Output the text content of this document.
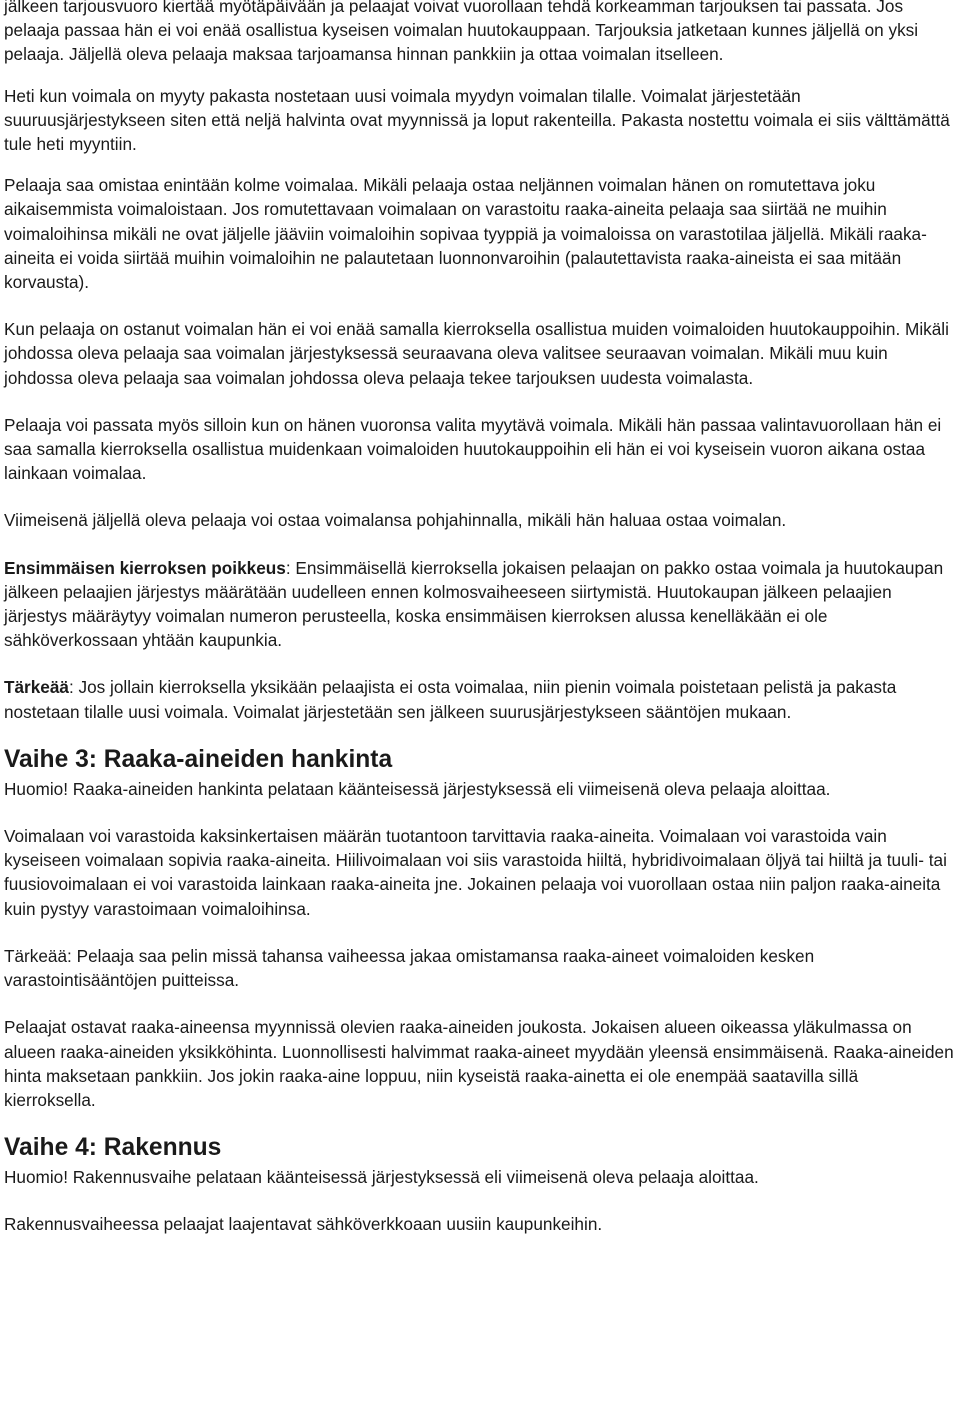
jälkeen tarjousvuoro kiertää myötäpäivään ja pelaajat voivat vuorollaan tehdä korkeamman tarjouksen tai passata. Jos pelaaja passaa hän ei voi enää osallistua kyseisen voimalan huutokauppaan. Tarjouksia jatketaan kunnes jäljellä on yksi pelaaja. Jäljellä oleva pelaaja maksaa tarjoamansa hinnan pankkiin ja ottaa voimalan itselleen.

Heti kun voimala on myyty pakasta nostetaan uusi voimala myydyn voimalan tilalle. Voimalat järjestetään suuruusjärjestykseen siten että neljä halvinta ovat myynnissä ja loput rakenteilla. Pakasta nostettu voimala ei siis välttämättä tule heti myyntiin.

Pelaaja saa omistaa enintään kolme voimalaa. Mikäli pelaaja ostaa neljännen voimalan hänen on romutettava joku aikaisemmista voimaloistaan. Jos romutettavaan voimalaan on varastoitu raaka-aineita pelaaja saa siirtää ne muihin voimaloihinsa mikäli ne ovat jäljelle jääviin voimaloihin sopivaa tyyppiä ja voimaloissa on varastotilaa jäljellä. Mikäli raaka-aineita ei voida siirtää muihin voimaloihin ne palautetaan luonnonvaroihin (palautettavista raaka-aineista ei saa mitään korvausta).

Kun pelaaja on ostanut voimalan hän ei voi enää samalla kierroksella osallistua muiden voimaloiden huutokauppoihin. Mikäli johdossa oleva pelaaja saa voimalan järjestyksessä seuraavana oleva valitsee seuraavan voimalan. Mikäli muu kuin johdossa oleva pelaaja saa voimalan johdossa oleva pelaaja tekee tarjouksen uudesta voimalasta.

Pelaaja voi passata myös silloin kun on hänen vuoronsa valita myytävä voimala. Mikäli hän passaa valintavuorollaan hän ei saa samalla kierroksella osallistua muidenkaan voimaloiden huutokauppoihin eli hän ei voi kyseisein vuoron aikana ostaa lainkaan voimalaa.

Viimeisenä jäljellä oleva pelaaja voi ostaa voimalansa pohjahinnalla, mikäli hän haluaa ostaa voimalan.

Ensimmäisen kierroksen poikkeus: Ensimmäisellä kierroksella jokaisen pelaajan on pakko ostaa voimala ja huutokaupan jälkeen pelaajien järjestys määrätään uudelleen ennen kolmosvaiheeseen siirtymistä. Huutokaupan jälkeen pelaajien järjestys määräytyy voimalan numeron perusteella, koska ensimmäisen kierroksen alussa kenelläkään ei ole sähköverkossaan yhtään kaupunkia.

Tärkeää: Jos jollain kierroksella yksikään pelaajista ei osta voimalaa, niin pienin voimala poistetaan pelistä ja pakasta nostetaan tilalle uusi voimala. Voimalat järjestetään sen jälkeen suurusjärjestykseen sääntöjen mukaan.

Vaihe 3: Raaka-aineiden hankinta

Huomio! Raaka-aineiden hankinta pelataan käänteisessä järjestyksessä eli viimeisenä oleva pelaaja aloittaa.

Voimalaan voi varastoida kaksinkertaisen määrän tuotantoon tarvittavia raaka-aineita. Voimalaan voi varastoida vain kyseiseen voimalaan sopivia raaka-aineita. Hiilivoimalaan voi siis varastoida hiiltä, hybridivoimalaan öljyä tai hiiltä ja tuuli- tai fuusiovoimalaan ei voi varastoida lainkaan raaka-aineita jne. Jokainen pelaaja voi vuorollaan ostaa niin paljon raaka-aineita kuin pystyy varastoimaan voimaloihinsa.

Tärkeää: Pelaaja saa pelin missä tahansa vaiheessa jakaa omistamansa raaka-aineet voimaloiden kesken varastointisääntöjen puitteissa.

Pelaajat ostavat raaka-aineensa myynnissä olevien raaka-aineiden joukosta. Jokaisen alueen oikeassa yläkulmassa on alueen raaka-aineiden yksikköhinta. Luonnollisesti halvimmat raaka-aineet myydään yleensä ensimmäisenä. Raaka-aineiden hinta maksetaan pankkiin. Jos jokin raaka-aine loppuu, niin kyseistä raaka-ainetta ei ole enempää saatavilla sillä kierroksella.

Vaihe 4: Rakennus

Huomio! Rakennusvaihe pelataan käänteisessä järjestyksessä eli viimeisenä oleva pelaaja aloittaa.

Rakennusvaiheessa pelaajat laajentavat sähköverkkoaan uusiin kaupunkeihin.
